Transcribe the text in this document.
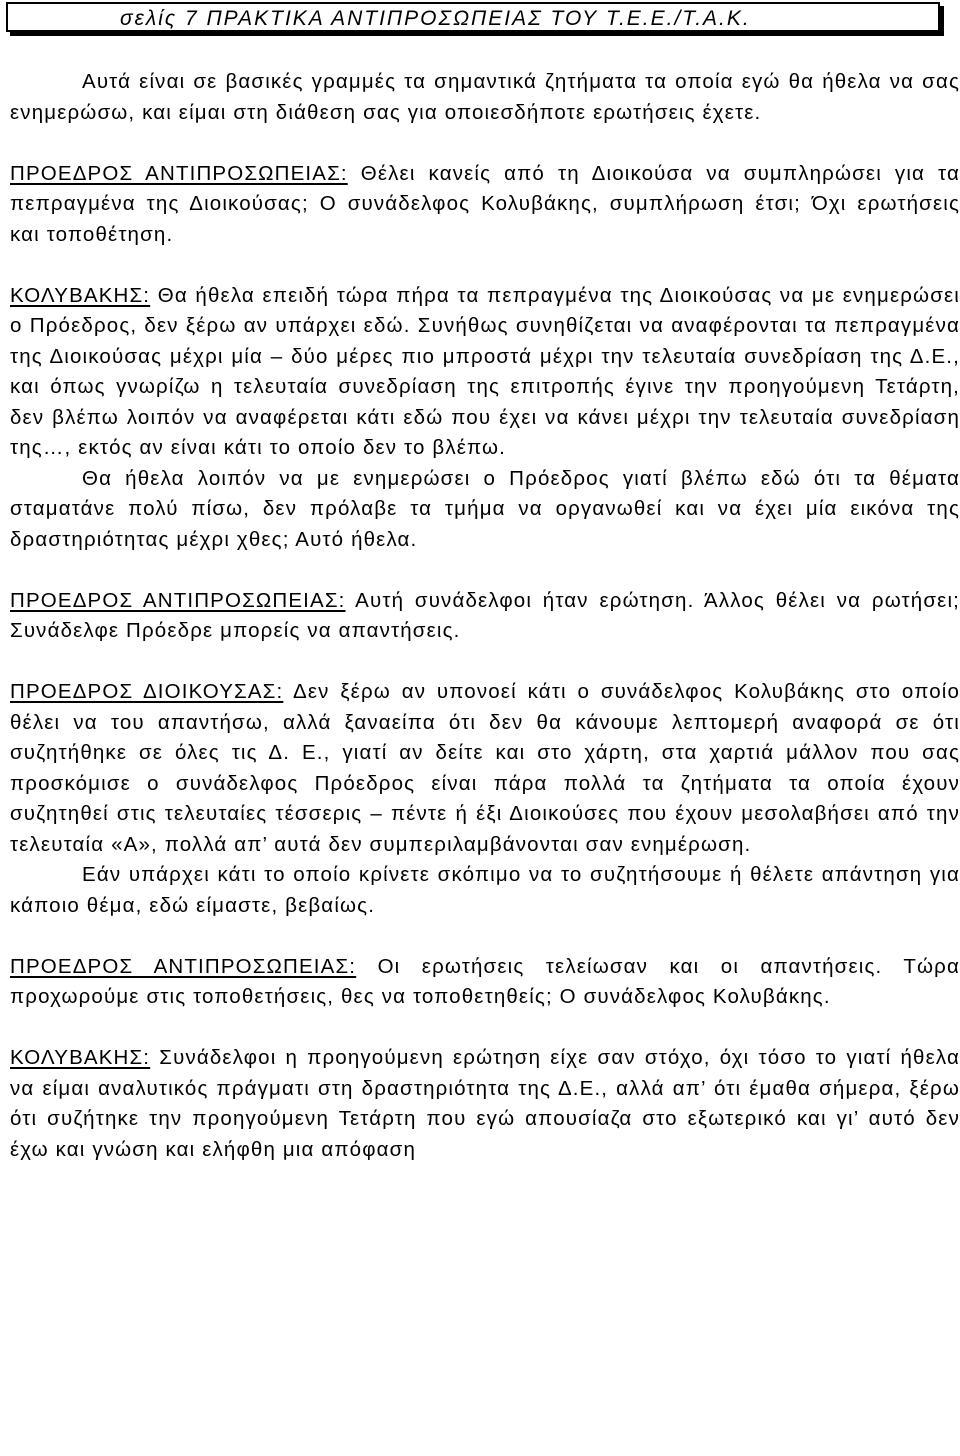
σελίς 7 ΠΡΑΚΤΙΚΑ ΑΝΤΙΠΡΟΣΩΠΕΙΑΣ ΤΟΥ Τ.Ε.Ε./Τ.Α.Κ.

Αυτά είναι σε βασικές γραμμές τα σημαντικά ζητήματα τα οποία εγώ θα ήθελα να σας ενημερώσω, και είμαι στη διάθεση σας για οποιεσδήποτε ερωτήσεις έχετε.

ΠΡΟΕΔΡΟΣ ΑΝΤΙΠΡΟΣΩΠΕΙΑΣ: Θέλει κανείς από τη Διοικούσα να συμπληρώσει για τα πεπραγμένα της Διοικούσας; Ο συνάδελφος Κολυβάκης, συμπλήρωση έτσι; Όχι ερωτήσεις και τοποθέτηση.

ΚΟΛΥΒΑΚΗΣ: Θα ήθελα επειδή τώρα πήρα τα πεπραγμένα της Διοικούσας να με ενημερώσει ο Πρόεδρος, δεν ξέρω αν υπάρχει εδώ. Συνήθως συνηθίζεται να αναφέρονται τα πεπραγμένα της Διοικούσας μέχρι μία – δύο μέρες πιο μπροστά μέχρι την τελευταία συνεδρίαση της Δ.Ε., και όπως γνωρίζω η τελευταία συνεδρίαση της επιτροπής έγινε την προηγούμενη Τετάρτη, δεν βλέπω λοιπόν να αναφέρεται κάτι εδώ που έχει να κάνει μέχρι την τελευταία συνεδρίαση της…, εκτός αν είναι κάτι το οποίο δεν το βλέπω.

Θα ήθελα λοιπόν να με ενημερώσει ο Πρόεδρος γιατί βλέπω εδώ ότι τα θέματα σταματάνε πολύ πίσω, δεν πρόλαβε τα τμήμα να οργανωθεί και να έχει μία εικόνα της δραστηριότητας μέχρι χθες; Αυτό ήθελα.

ΠΡΟΕΔΡΟΣ ΑΝΤΙΠΡΟΣΩΠΕΙΑΣ: Αυτή συνάδελφοι ήταν ερώτηση. Άλλος θέλει να ρωτήσει; Συνάδελφε Πρόεδρε μπορείς να απαντήσεις.

ΠΡΟΕΔΡΟΣ ΔΙΟΙΚΟΥΣΑΣ: Δεν ξέρω αν υπονοεί κάτι ο συνάδελφος Κολυβάκης στο οποίο θέλει να του απαντήσω, αλλά ξαναείπα ότι δεν θα κάνουμε λεπτομερή αναφορά σε ότι συζητήθηκε σε όλες τις Δ. Ε., γιατί αν δείτε και στο χάρτη, στα χαρτιά μάλλον που σας προσκόμισε ο συνάδελφος Πρόεδρος είναι πάρα πολλά τα ζητήματα τα οποία έχουν συζητηθεί στις τελευταίες τέσσερις – πέντε ή έξι Διοικούσες που έχουν μεσολαβήσει από την τελευταία «Α», πολλά απ’ αυτά δεν συμπεριλαμβάνονται σαν ενημέρωση.

Εάν υπάρχει κάτι το οποίο κρίνετε σκόπιμο να το συζητήσουμε ή θέλετε απάντηση για κάποιο θέμα, εδώ είμαστε, βεβαίως.

ΠΡΟΕΔΡΟΣ ΑΝΤΙΠΡΟΣΩΠΕΙΑΣ: Οι ερωτήσεις τελείωσαν και οι απαντήσεις. Τώρα προχωρούμε στις τοποθετήσεις, θες να τοποθετηθείς; Ο συνάδελφος Κολυβάκης.

ΚΟΛΥΒΑΚΗΣ: Συνάδελφοι η προηγούμενη ερώτηση είχε σαν στόχο, όχι τόσο το γιατί ήθελα να είμαι αναλυτικός πράγματι στη δραστηριότητα της Δ.Ε., αλλά απ’ ότι έμαθα σήμερα, ξέρω ότι συζήτηκε την προηγούμενη Τετάρτη που εγώ απουσίαζα στο εξωτερικό και γι’ αυτό δεν έχω και γνώση και ελήφθη μια απόφαση
